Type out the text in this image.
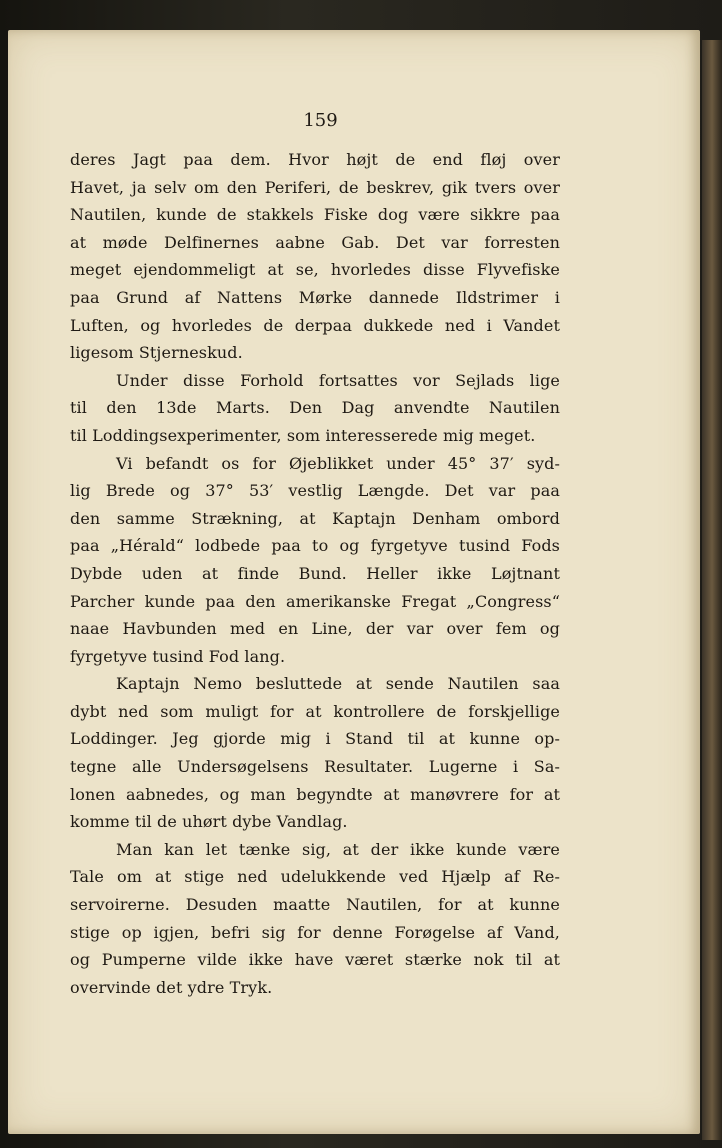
159
deres Jagt paa dem. Hvor højt de end fløj over
Havet, ja selv om den Periferi, de beskrev, gik tvers over
Nautilen, kunde de stakkels Fiske dog være sikkre paa
at møde Delfinernes aabne Gab. Det var forresten
meget ejendommeligt at se, hvorledes disse Flyvefiske
paa Grund af Nattens Mørke dannede Ildstrimer i
Luften, og hvorledes de derpaa dukkede ned i Vandet
ligesom Stjerneskud.
Under disse Forhold fortsattes vor Sejlads lige
til den 13de Marts. Den Dag anvendte Nautilen
til Loddingsexperimenter, som interesserede mig meget.
Vi befandt os for Øjeblikket under 45° 37′ syd-
lig Brede og 37° 53′ vestlig Længde. Det var paa
den samme Strækning, at Kaptajn Denham ombord
paa „Hérald“ lodbede paa to og fyrgetyve tusind Fods
Dybde uden at finde Bund. Heller ikke Løjtnant
Parcher kunde paa den amerikanske Fregat „Congress“
naae Havbunden med en Line, der var over fem og
fyrgetyve tusind Fod lang.
Kaptajn Nemo besluttede at sende Nautilen saa
dybt ned som muligt for at kontrollere de forskjellige
Loddinger. Jeg gjorde mig i Stand til at kunne op-
tegne alle Undersøgelsens Resultater. Lugerne i Sa-
lonen aabnedes, og man begyndte at manøvrere for at
komme til de uhørt dybe Vandlag.
Man kan let tænke sig, at der ikke kunde være
Tale om at stige ned udelukkende ved Hjælp af Re-
servoirerne. Desuden maatte Nautilen, for at kunne
stige op igjen, befri sig for denne Forøgelse af Vand,
og Pumperne vilde ikke have været stærke nok til at
overvinde det ydre Tryk.
